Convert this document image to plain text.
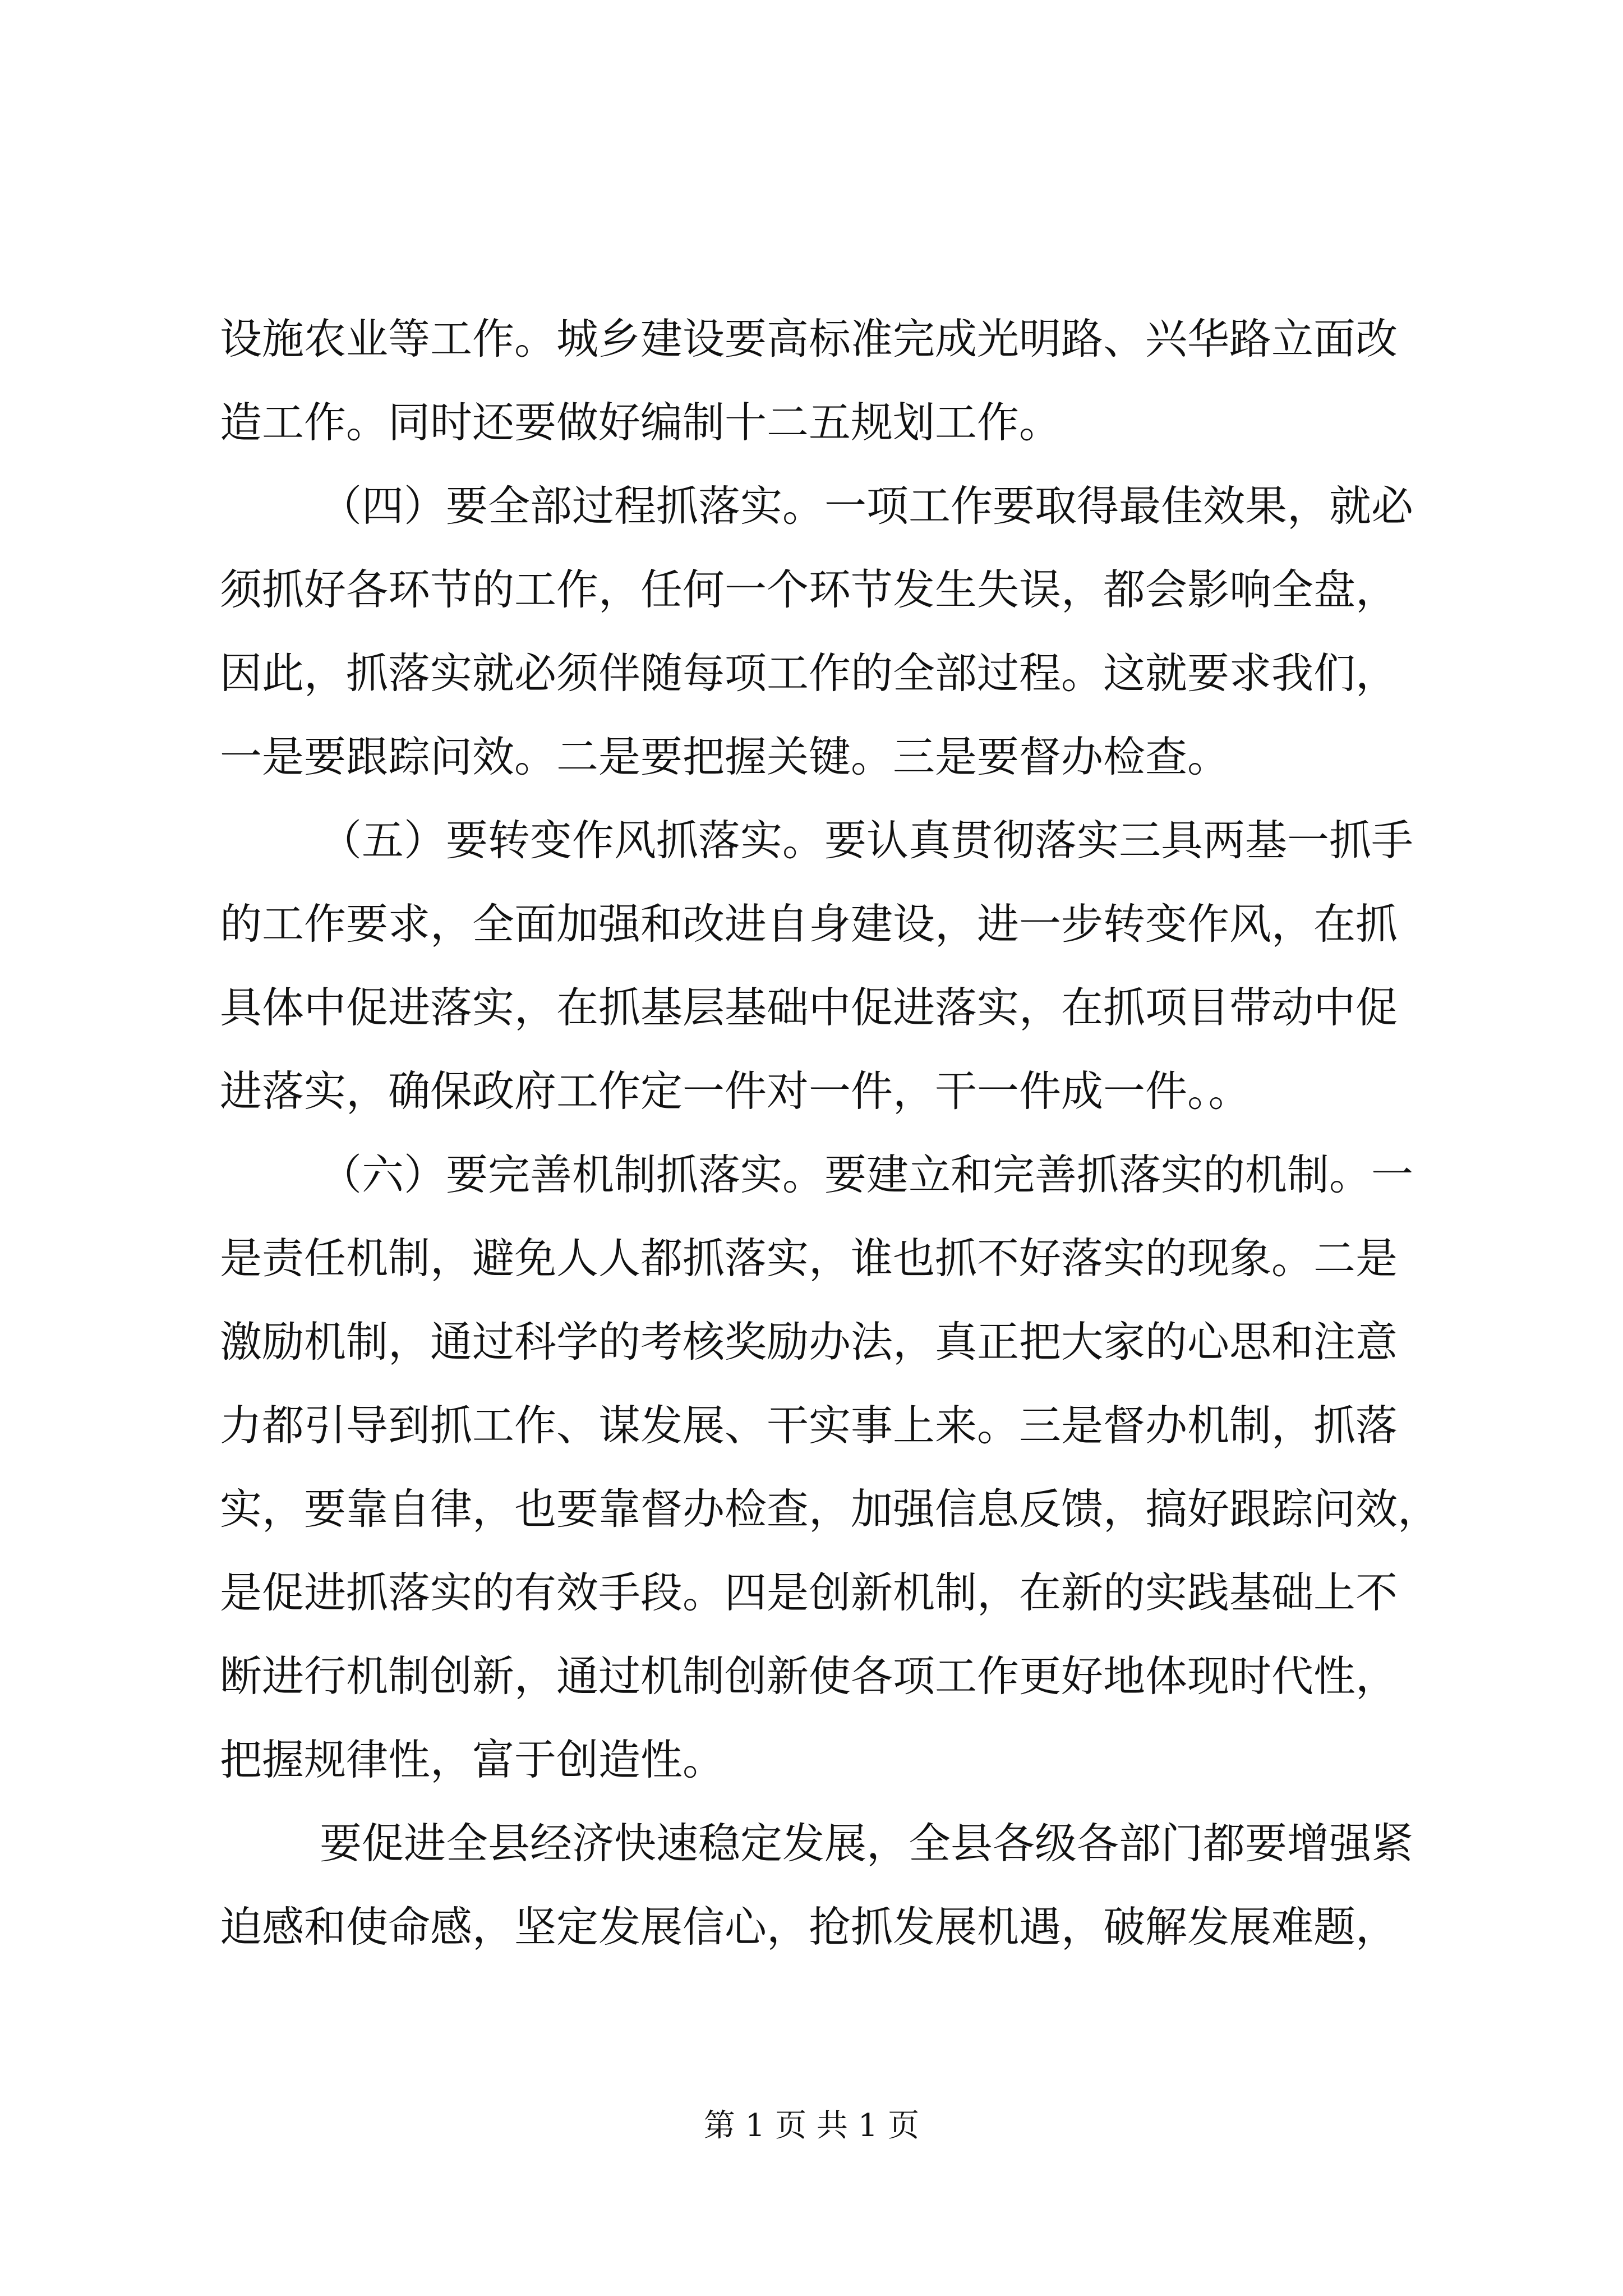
设施农业等工作。城乡建设要高标准完成光明路、兴华路立面改
造工作。同时还要做好编制十二五规划工作。
（四）要全部过程抓落实。一项工作要取得最佳效果，就必
须抓好各环节的工作，任何一个环节发生失误，都会影响全盘，
因此，抓落实就必须伴随每项工作的全部过程。这就要求我们，
一是要跟踪问效。二是要把握关键。三是要督办检查。
（五）要转变作风抓落实。要认真贯彻落实三具两基一抓手
的工作要求，全面加强和改进自身建设，进一步转变作风，在抓
具体中促进落实，在抓基层基础中促进落实，在抓项目带动中促
进落实，确保政府工作定一件对一件，干一件成一件。。
（六）要完善机制抓落实。要建立和完善抓落实的机制。一
是责任机制，避免人人都抓落实，谁也抓不好落实的现象。二是
激励机制，通过科学的考核奖励办法，真正把大家的心思和注意
力都引导到抓工作、谋发展、干实事上来。三是督办机制，抓落
实，要靠自律，也要靠督办检查，加强信息反馈，搞好跟踪问效，
是促进抓落实的有效手段。四是创新机制，在新的实践基础上不
断进行机制创新，通过机制创新使各项工作更好地体现时代性，
把握规律性，富于创造性。
要促进全县经济快速稳定发展，全县各级各部门都要增强紧
迫感和使命感，坚定发展信心，抢抓发展机遇，破解发展难题，
第 1 页 共 1 页
